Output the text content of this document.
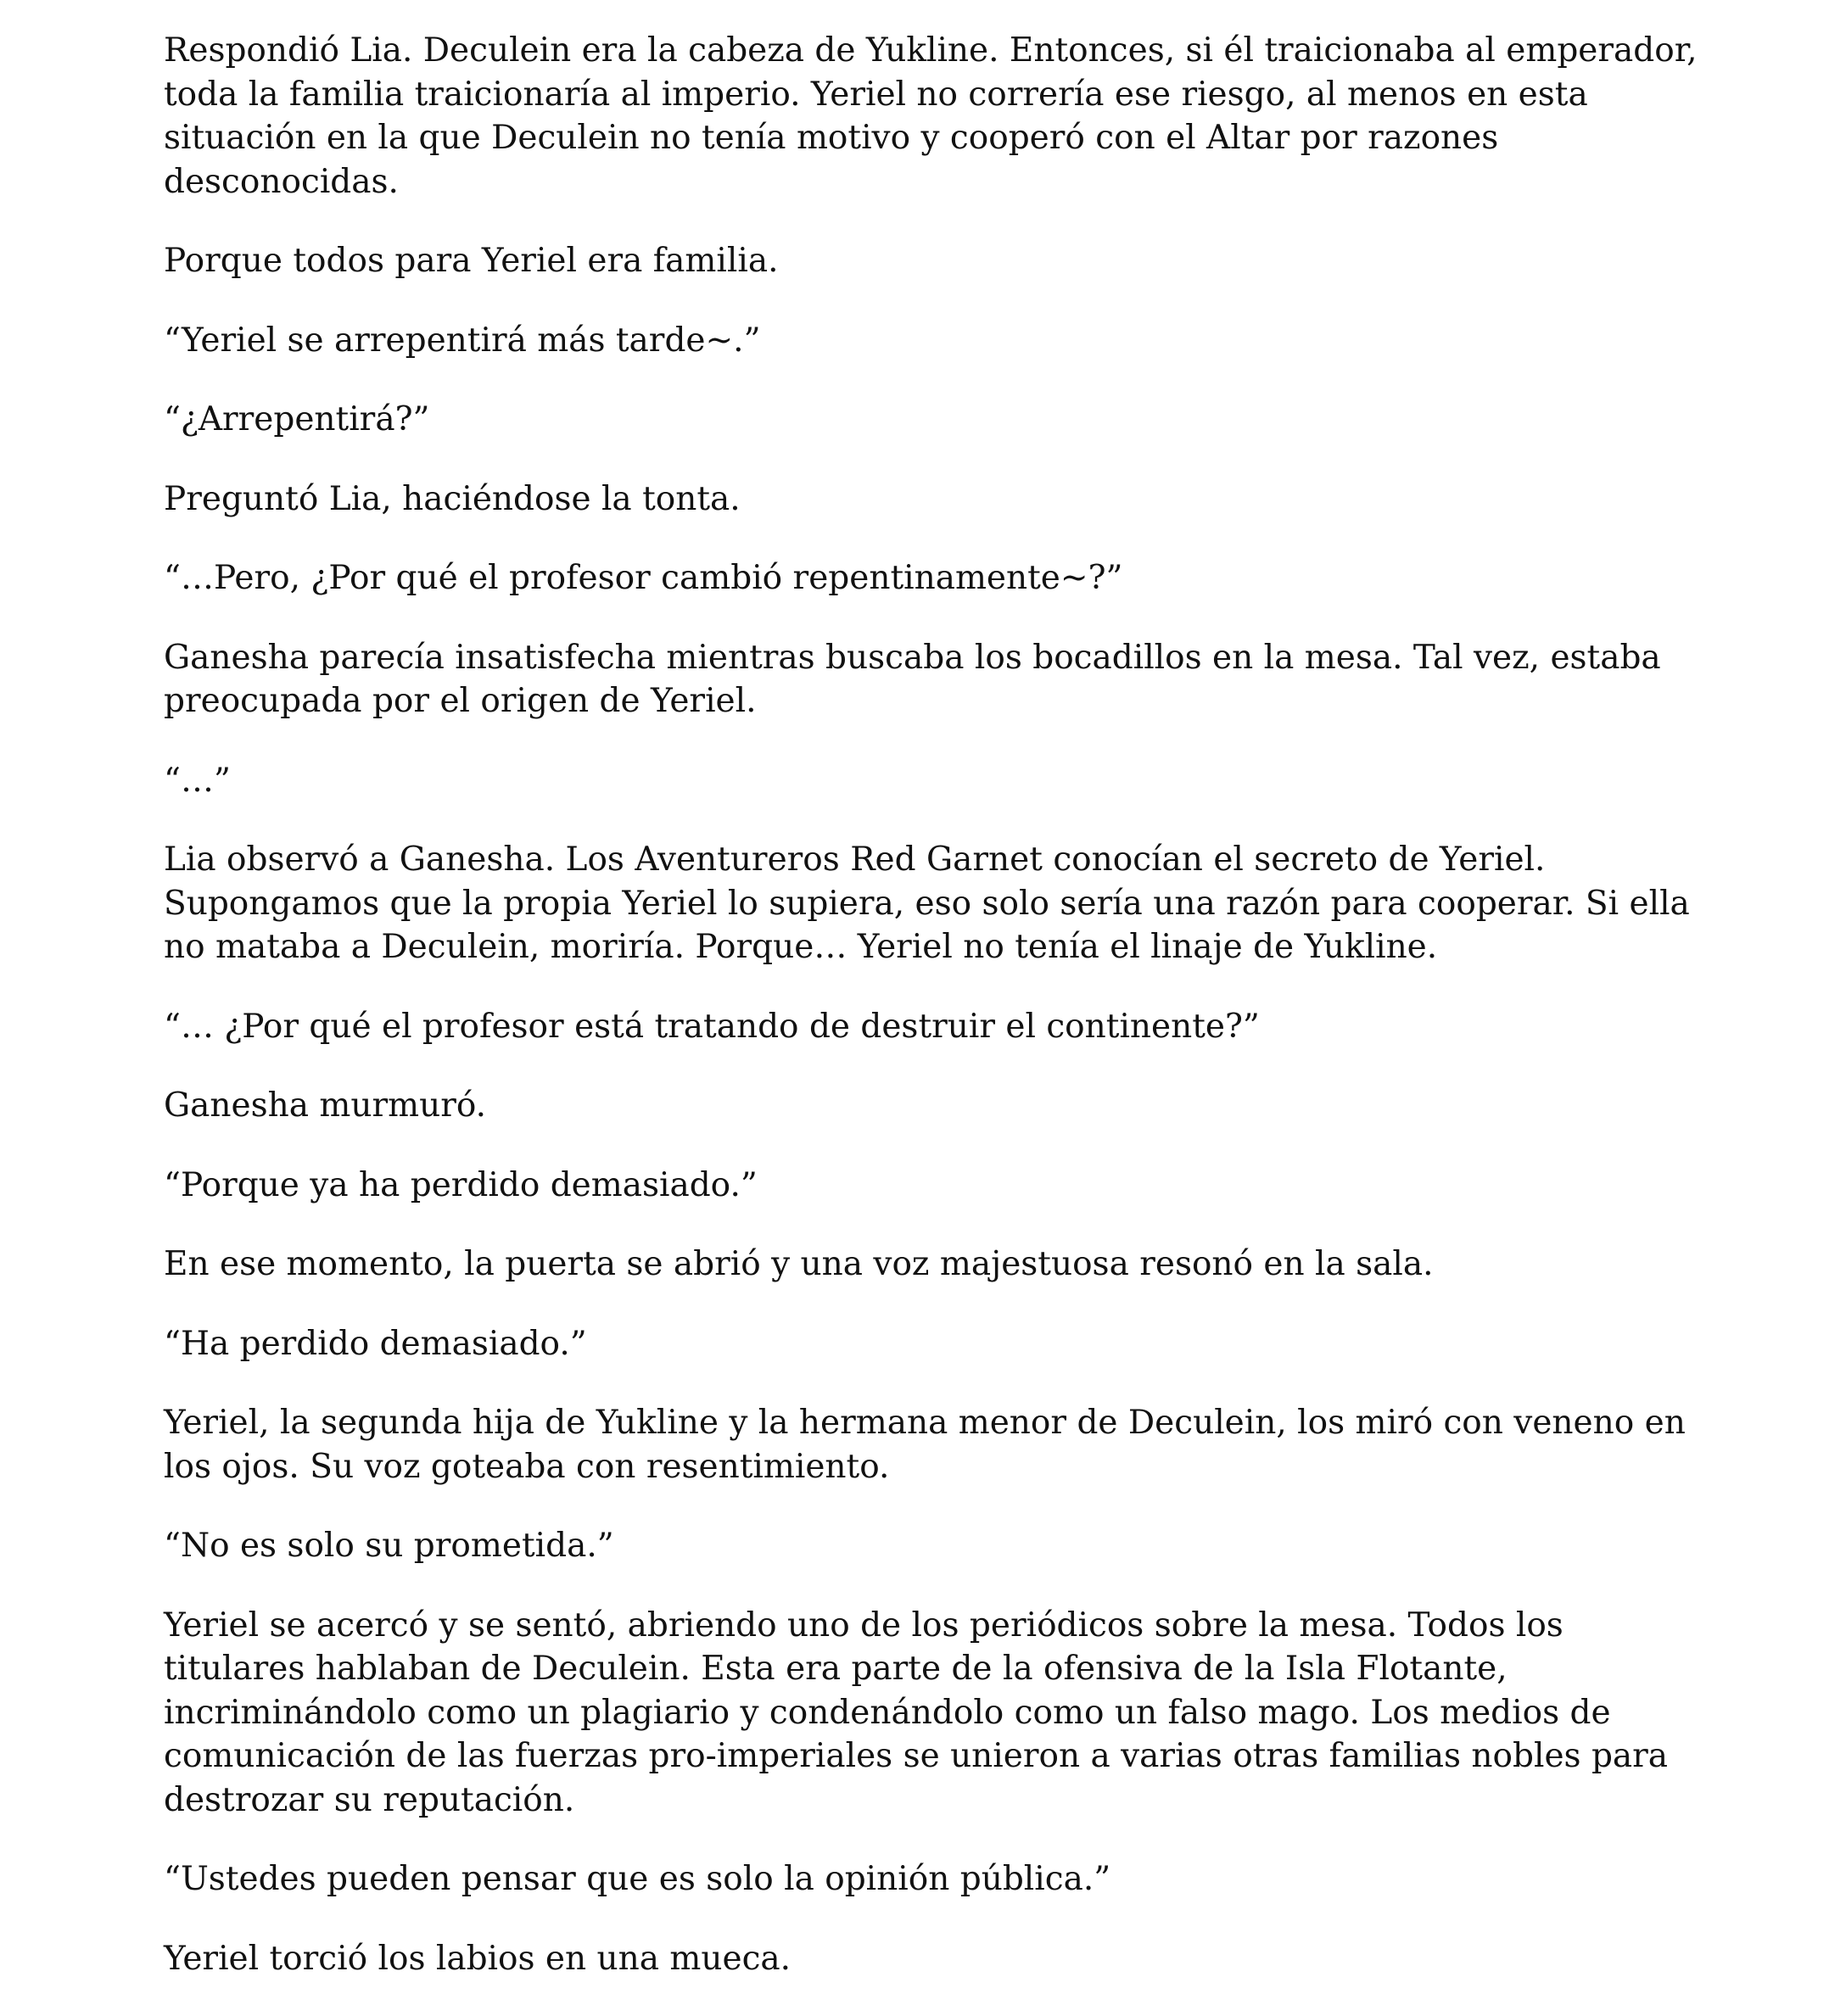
Respondió Lia. Deculein era la cabeza de Yukline. Entonces, si él traicionaba al emperador, toda la familia traicionaría al imperio. Yeriel no correría ese riesgo, al menos en esta situación en la que Deculein no tenía motivo y cooperó con el Altar por razones desconocidas.

Porque todos para Yeriel era familia.

“Yeriel se arrepentirá más tarde~.”

“¿Arrepentirá?”

Preguntó Lia, haciéndose la tonta.

“…Pero, ¿Por qué el profesor cambió repentinamente~?”

Ganesha parecía insatisfecha mientras buscaba los bocadillos en la mesa. Tal vez, estaba preocupada por el origen de Yeriel.

“…”

Lia observó a Ganesha. Los Aventureros Red Garnet conocían el secreto de Yeriel. Supongamos que la propia Yeriel lo supiera, eso solo sería una razón para cooperar. Si ella no mataba a Deculein, moriría. Porque… Yeriel no tenía el linaje de Yukline.

“… ¿Por qué el profesor está tratando de destruir el continente?”

Ganesha murmuró.

“Porque ya ha perdido demasiado.”

En ese momento, la puerta se abrió y una voz majestuosa resonó en la sala.

“Ha perdido demasiado.”

Yeriel, la segunda hija de Yukline y la hermana menor de Deculein, los miró con veneno en los ojos. Su voz goteaba con resentimiento.

“No es solo su prometida.”

Yeriel se acercó y se sentó, abriendo uno de los periódicos sobre la mesa. Todos los titulares hablaban de Deculein. Esta era parte de la ofensiva de la Isla Flotante, incriminándolo como un plagiario y condenándolo como un falso mago. Los medios de comunicación de las fuerzas pro-imperiales se unieron a varias otras familias nobles para destrozar su reputación.

“Ustedes pueden pensar que es solo la opinión pública.”

Yeriel torció los labios en una mueca.
